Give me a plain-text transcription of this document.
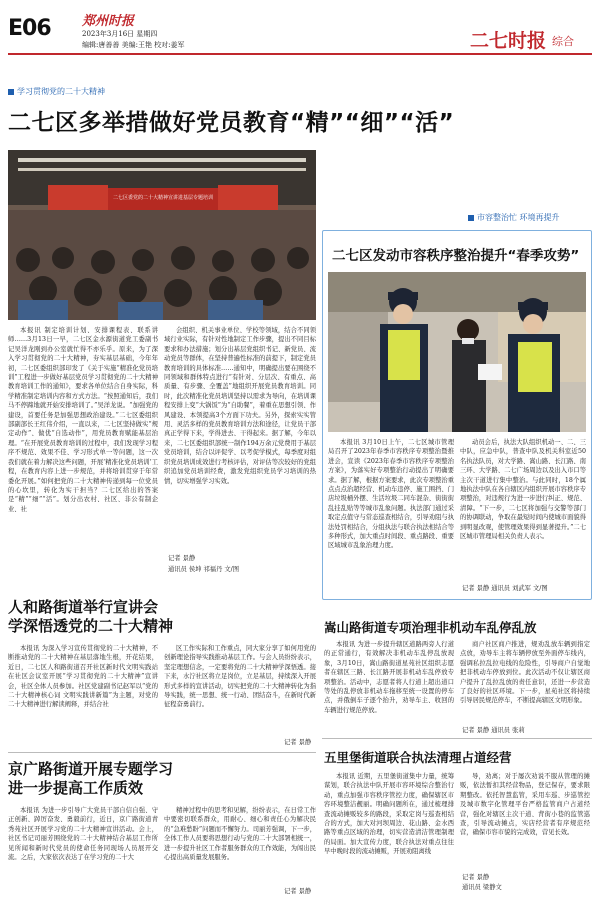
E06 郑州时报
2023年3月16日 星期四
编辑:唐善善 美编:王艳 校对:姜军	二七时报 综合
学习贯彻党的二十大精神
二七区多举措做好党员教育“精”“细”“活”
二七区委党的二十大精神宣讲进基层专题培训

本报讯 制定培训计划、安排课程表、联系讲师……3月13日一早，二七区金水源街道党工委副书记吴洋龙刚到办公室就忙得不亦乐乎。原来，为了深入学习贯彻党的二十大精神，夯实基层基础，今年年初，二七区委组织部印发了《关于实施“精准化党员培训”工程进一步做好基层党员学习贯彻党的二十大精神教育培训工作的通知》，要求各单位结合自身实际，科学精准制定培训内容和方式方法。“按照通知后，我们马不停蹄地就开始安排培训了。”吴洋龙说。“加强党的建设，首要任务是加强思想政治建设。”二七区委组织部副部长王红伟介绍，一直以来，二七区坚持做实“规定动作”、做优“自选动作”，用党员教育赋能基层治理。“在开展党员教育培训的过程中，我们发现学习程序不规范、效果不佳、学习形式单一等问题，这一次我们就在着力解决这些问题，开展‘精准化党员培训’工程，在教育内容上进一步规范，并将培训贯穿于年常委化开展。”如何把党的二十大精神传递到每一位党员的心坎里，转化为实干担当？二七区给出的答案是“精”“细”“活”。划分出农村、社区、非公有制企业、社

会组织、机关事业单位、学校等领域，结合不同领域行业实际，有针对性地制定工作步骤，提出不同目标要求和办法措施；划分出基层党组织书记、新党员、流动党员等群体，在坚持普遍性标准的前提下，制定党员教育培训的具体标准……通知中，明确提出要在围绕不同领域和群体特点进行“有针对、分层次、有重点、高质量、有步骤、全覆盖”地组织开展党员教育培训。同时，此次精准化党员培训坚持以需求为导向，在培训课程安排上变“大锅饭”为“自助餐”，着重在思想引领、作风建设、本领提高3个方面下功夫。另外，探索实实管用、灵活多样的党员教育培训方法和途径，让党员干部真正学得下来，学得进去、干得起来。据了解，今年以来，二七区委组织部统一制作194万余元党费用于基层党员培训，结合以评促学、以考促学模式，每季度对组织党员培训成效进行考核评估，对评估等次较好的党组织追加党员培训经费，激发党组织党员学习培训的热情，切实增强学习实效。

记者 景静
通讯员 侯坤 祁福丹 文/图
市容整治忙 环境再提升
二七区发动市容秩序整治提升“春季攻势”

本报讯 3月10日上午，二七区城市管理局召开了2023年春季市容秩序专项整治暨推进会，宣读《2023年春季市容秩序专项整治方案》，为落实好专项整治行动提出了明确要求。据了解，根据方案要求，此次专项整治重点点点治超经营、机动车违停、施工围挡、门店垃圾桶外摆、生活垃圾二同车混杂、街街街乱挂乱贴等等城市乱象问题。执法部门通过采取定点值守与常态巡查相结合，引导劝阻与执法处罚相结合，分组执法与联合执法相结合等多种形式，加大重点时间段、重点路段、重要区域城市乱象治理力度。

动员会后，执法大队组织机动一、二、三中队，应急中队，普查中队及机关科室近50名执法队员，对大学路、嵩山路、长江路、南三环、大学路、二七广场周边以及出入市口等主次干道进行集中整治。与此同时，18个属地执法中队在各自辖区内组织开展市容秩序专项整治，对违规行为进一步进行纠正、规范、清障。“下一步，二七区将加强与交警等部门的协调联动，争取在最短时间内使城市面貌得到明显改观，使管理效果得到显著提升。”二七区城市管理局相关负责人表示。

记者 景静 通讯员 刘武军 文/图
人和路街道举行宣讲会
学深悟透党的二十大精神

本报讯 为深入学习宣传贯彻党的二十大精神，不断推动党的二十大精神在基层落地生根，开花结果，近日，二七区人和路街道召开社区新时代文明实践站在社区会议室开展“学习贯彻党的二十大精神”宣讲会，社区全体人员参加。社区党建副书记赵军以“党的二十大精神核心词 文明实践讲新篇”为主题，对党的二十大精神进行解读阐释，并结合社

区工作实际和工作重点，同大家分享了如何用党的创新理论指导实践推动基层工作。与会人员纷纷表示，坚定理想信念，一定要将党的二十大精神学深悟透。接下来，水泞社区将立足岗位，立足基层，持续深入开展形式多样的宣讲活动，切实把党的二十大精神转化为指导实践，统一思想、统一行动、团结奋斗，在新时代新征程奋勇前行。

记者 景静
京广路街道开展专题学习
进一步提高工作质效

本报讯 为进一步引导广大党员干部自信自强、守正创新、踔厉奋发、勇毅前行，近日，京广路街道青秀苑社区开展学习党的二十大精神宣讲活动。会上，社区书记司丽芳围绕党的二十大精神结合基层工作所见所闻和新时代党员的使命任务同现场人员展开交流。之后，大家依次表达了在学习党的二十大

精神过程中的思考和见解，纷纷表示，在日常工作中要密切联系群众，用耐心、细心和责任心为解决民的“急难愁盼”问题而不懈努力。司丽芳强调，下一步，全体工作人员要将思想行动与党的二十大部署相统一，进一步提升社区工作者服务群众的工作效能，为闯出民心提出高质量发展服务。

记者 景静
嵩山路街道专项治理非机动车乱停乱放

本报讯 为进一步提升辖区道路两旁人行道的正常通行，有效解决非机动车乱停乱放现象，3月10日，嵩山路街道星苑社区组织志愿者在辖区三路、长江路开展非机动车乱停放专项整治。活动中，志愿者将人行道上超出道口等处的乱停放非机动车拖移至统一设置的停车点，并俄倒车子逐个抬升，劝导车主、收回的车辆进行规范停放。

商户社区商户推进，规劝乱放车辆到指定点放，劝导车主将车辆停放至外面停车线内，强调私拉乱拉电线的危险性，引导商户自觉地把非机动车停放到位。此次活动不仅让辖区商户提升了乱拉乱放的责任意识，还进一步营造了良好的社区环境。下一步，星苑社区将持续引导居民规范停车，不断提高辖区文明形象。

记者 景静 通讯员 张莉
五里堡街道联合执法清理占道经营

本报讯 近期，五里堡街道集中力量，统筹谋划，联合执法中队开展市容环境综合整治行动，重点加强市容秩序管控力度，确保辖区市容环境整洁靓丽。明确问题所在，通过梳理排查流动摊贩较多的路段，采取定岗与巡查相结合的方式，加大对河坝周边、花山路、金水西路等重点区域的治理，切实营造清洁管理制理的局面。加大宣传力度，联合执法对重点往往早中晚时段的流动摊贩，开展劝阻离线

导，劝离；对于屡次劝说不服从管理的摊贩，依法暂扣其经营物品，登记保存，要求限期整改。依托智慧监管，采用车巡、步巡管控及城市数字化管理平台严格监管商户占道经营，强化对辖区主次干道、背街小巷的监管巡查，引导流动摊点，实店经营者有序规范经营，确保市容市貌的完成效，营见长效。

记者 景静
通讯员 梁静文
